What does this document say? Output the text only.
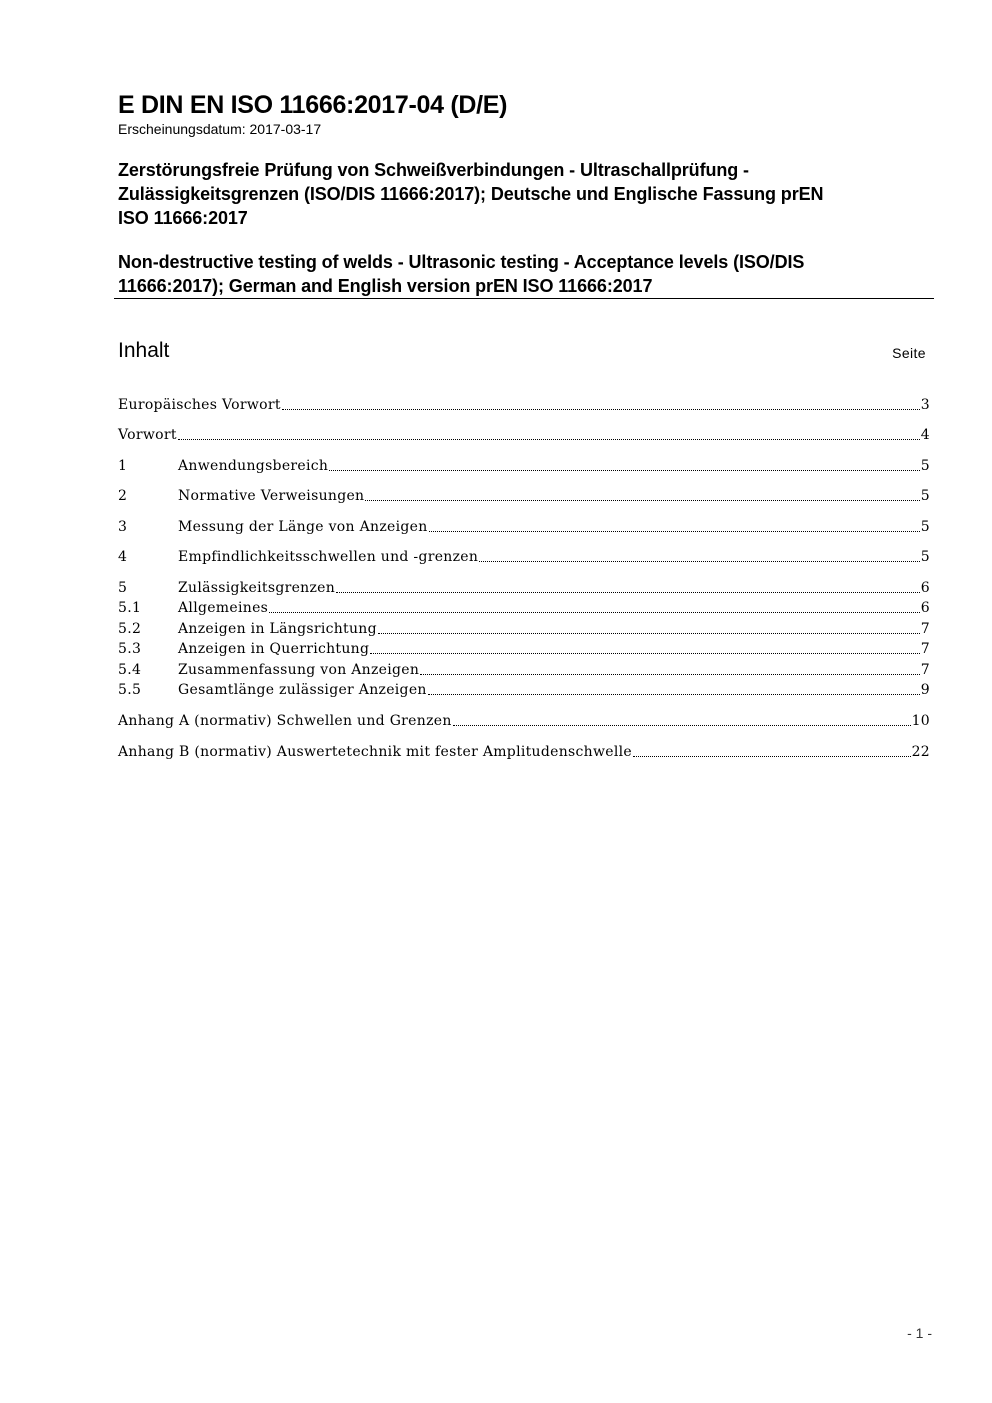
E DIN EN ISO 11666:2017-04 (D/E)
Erscheinungsdatum: 2017-03-17
Zerstörungsfreie Prüfung von Schweißverbindungen - Ultraschallprüfung -
Zulässigkeitsgrenzen (ISO/DIS 11666:2017); Deutsche und Englische Fassung prEN
ISO 11666:2017
Non-destructive testing of welds - Ultrasonic testing - Acceptance levels (ISO/DIS
11666:2017); German and English version prEN ISO 11666:2017
Inhalt	Seite
Europäisches Vorwort	3
Vorwort	4
1	Anwendungsbereich	5
2	Normative Verweisungen	5
3	Messung der Länge von Anzeigen	5
4	Empfindlichkeitsschwellen und -grenzen	5
5	Zulässigkeitsgrenzen	6
5.1	Allgemeines	6
5.2	Anzeigen in Längsrichtung	7
5.3	Anzeigen in Querrichtung	7
5.4	Zusammenfassung von Anzeigen	7
5.5	Gesamtlänge zulässiger Anzeigen	9
Anhang A (normativ) Schwellen und Grenzen	10
Anhang B (normativ) Auswertetechnik mit fester Amplitudenschwelle	22
- 1 -
